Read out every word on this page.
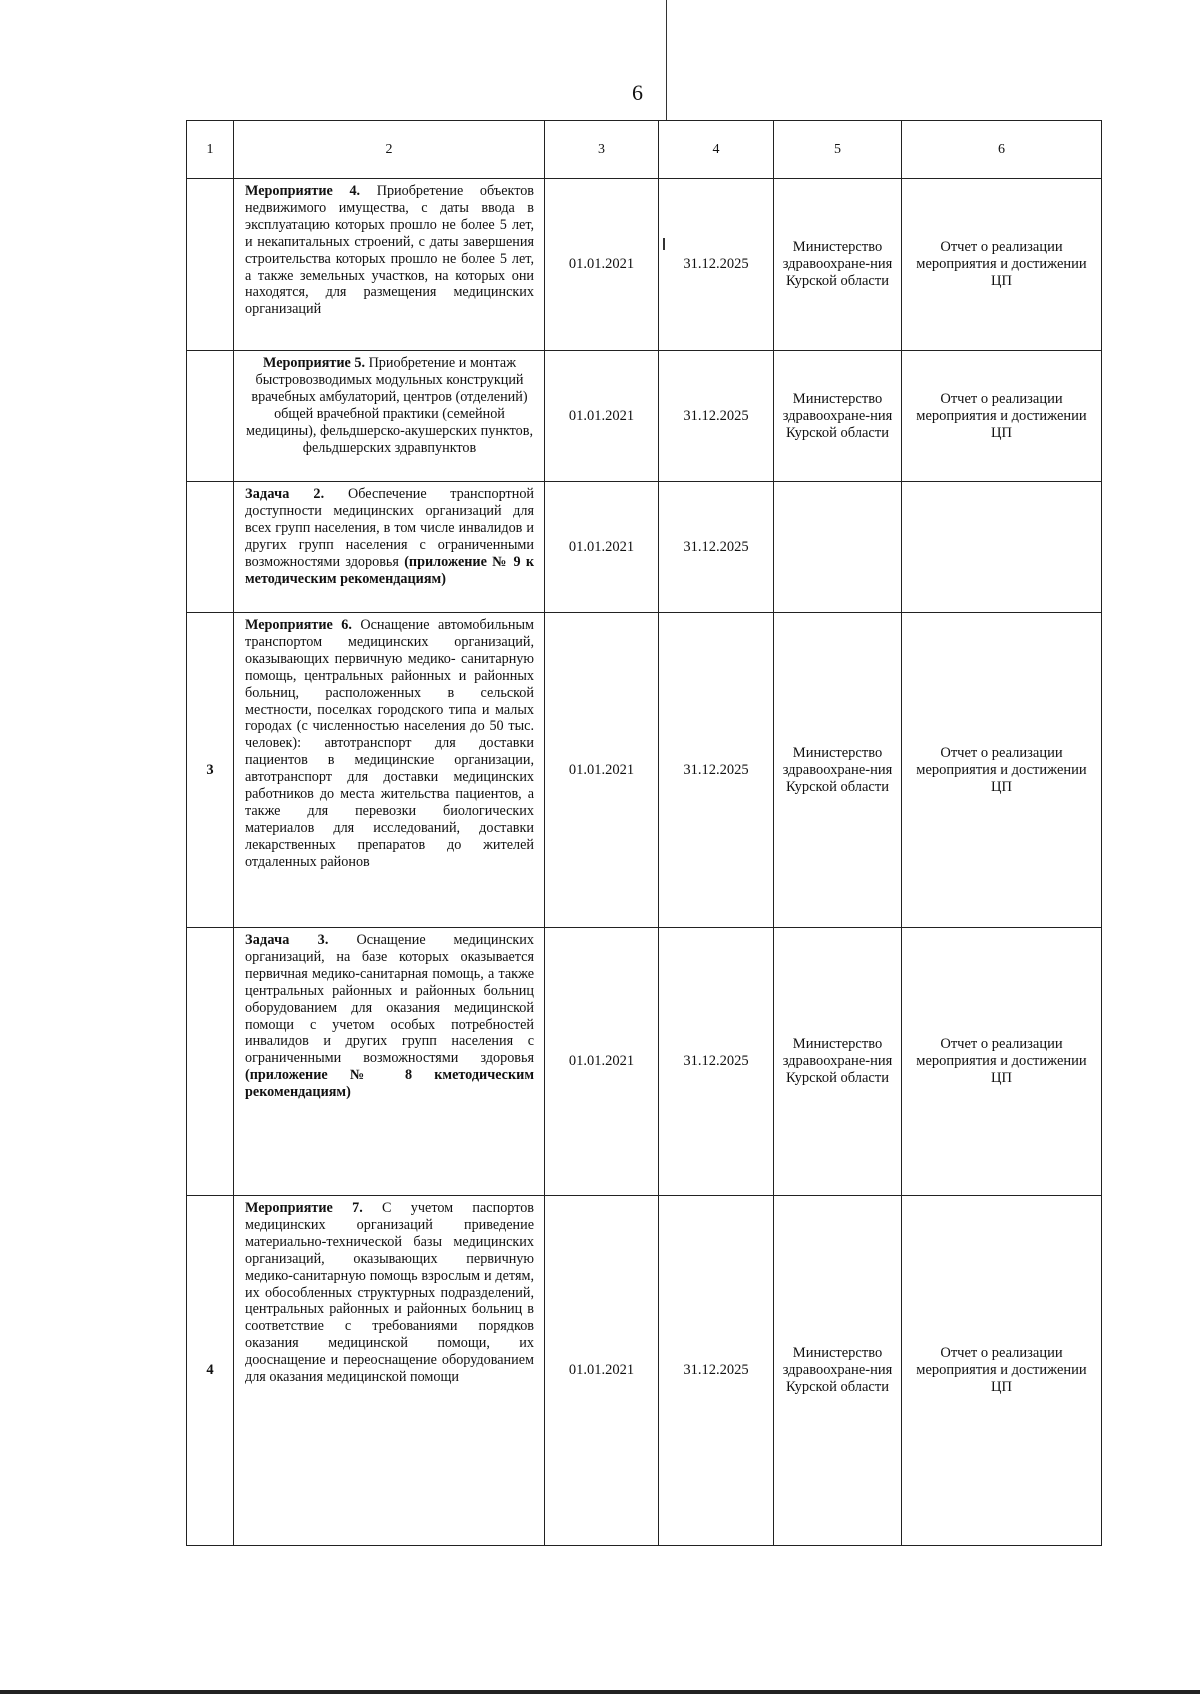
6
1	2	3	4	5	6
	Мероприятие 4. Приобретение объектов недвижимого имущества, с даты ввода в эксплуатацию которых прошло не более 5 лет, и некапитальных строений, с даты завершения строительства которых прошло не более 5 лет, а также земельных участков, на которых они находятся, для размещения медицинских организаций	01.01.2021	31.12.2025	Министерство здравоохране-ния Курской области	Отчет о реализации мероприятия и достижении ЦП
	Мероприятие 5. Приобретение и монтаж быстровозводимых модульных конструкций врачебных амбулаторий, центров (отделений) общей врачебной практики (семейной медицины), фельдшерско-акушерских пунктов, фельдшерских здравпунктов	01.01.2021	31.12.2025	Министерство здравоохране-ния Курской области	Отчет о реализации мероприятия и достижении ЦП
	Задача 2. Обеспечение транспортной доступности медицинских организаций для всех групп населения, в том числе инвалидов и других групп населения с ограниченными возможностями здоровья (приложение № 9 к методическим рекомендациям)	01.01.2021	31.12.2025		
3	Мероприятие 6. Оснащение автомобильным транспортом медицинских организаций, оказывающих первичную медико- санитарную помощь, центральных районных и районных больниц, расположенных в сельской местности, поселках городского типа и малых городах (с численностью населения до 50 тыс. человек): автотранспорт для доставки пациентов в медицинские организации, автотранспорт для доставки медицинских работников до места жительства пациентов, а также для перевозки биологических материалов для исследований, доставки лекарственных препаратов до жителей отдаленных районов	01.01.2021	31.12.2025	Министерство здравоохране-ния Курской области	Отчет о реализации мероприятия и достижении ЦП
	Задача 3. Оснащение медицинских организаций, на базе которых оказывается первичная медико-санитарная помощь, а также центральных районных и районных больниц оборудованием для оказания медицинской помощи с учетом особых потребностей инвалидов и других групп населения с ограниченными возможностями здоровья (приложение № 8 кметодическим рекомендациям)	01.01.2021	31.12.2025	Министерство здравоохране-ния Курской области	Отчет о реализации мероприятия и достижении ЦП
4	Мероприятие 7. С учетом паспортов медицинских организаций приведение материально-технической базы медицинских организаций, оказывающих первичную медико-санитарную помощь взрослым и детям, их обособленных структурных подразделений, центральных районных и районных больниц в соответствие с требованиями порядков оказания медицинской помощи, их дооснащение и переоснащение оборудованием для оказания медицинской помощи	01.01.2021	31.12.2025	Министерство здравоохране-ния Курской области	Отчет о реализации мероприятия и достижении ЦП
